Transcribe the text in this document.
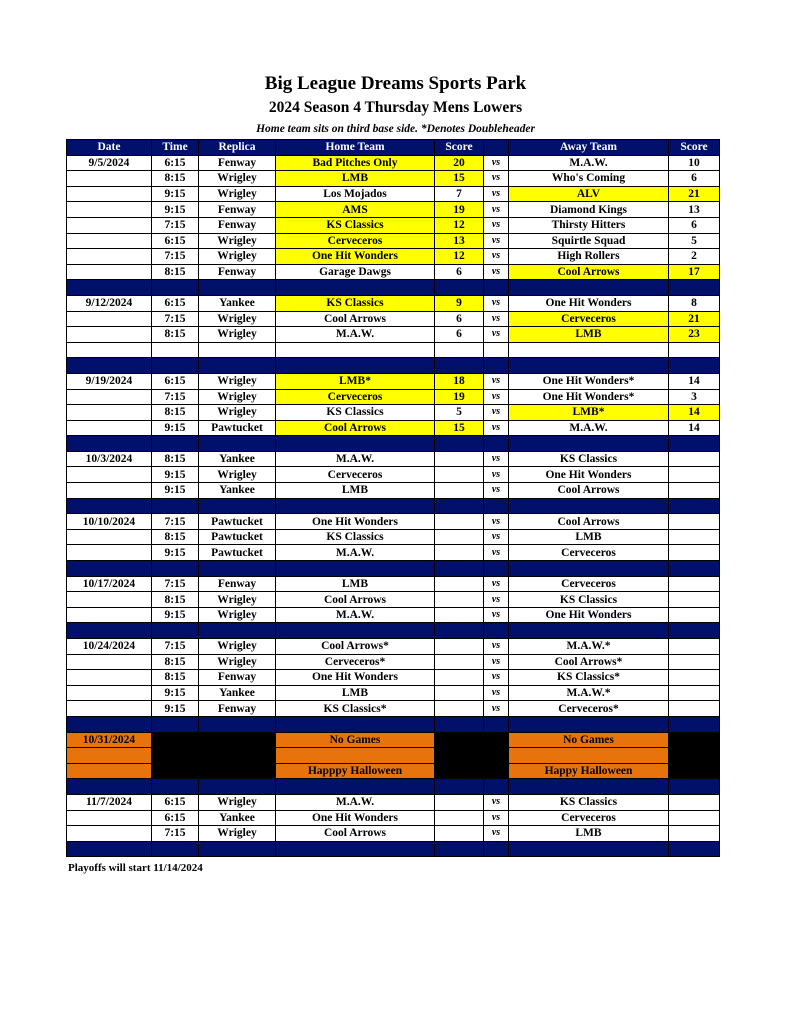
Big League Dreams Sports Park
2024 Season 4 Thursday Mens Lowers
Home team sits on third base side. *Denotes Doubleheader
Date	Time	Replica	Home Team	Score		Away Team	Score
9/5/2024	6:15	Fenway	Bad Pitches Only	20	vs	M.A.W.	10
	8:15	Wrigley	LMB	15	vs	Who's Coming	6
	9:15	Wrigley	Los Mojados	7	vs	ALV	21
	9:15	Fenway	AMS	19	vs	Diamond Kings	13
	7:15	Fenway	KS Classics	12	vs	Thirsty Hitters	6
	6:15	Wrigley	Cerveceros	13	vs	Squirtle Squad	5
	7:15	Wrigley	One Hit Wonders	12	vs	High Rollers	2
	8:15	Fenway	Garage Dawgs	6	vs	Cool Arrows	17

9/12/2024	6:15	Yankee	KS Classics	9	vs	One Hit Wonders	8
	7:15	Wrigley	Cool Arrows	6	vs	Cerveceros	21
	8:15	Wrigley	M.A.W.	6	vs	LMB	23

9/19/2024	6:15	Wrigley	LMB*	18	vs	One Hit Wonders*	14
	7:15	Wrigley	Cerveceros	19	vs	One Hit Wonders*	3
	8:15	Wrigley	KS Classics	5	vs	LMB*	14
	9:15	Pawtucket	Cool Arrows	15	vs	M.A.W.	14

10/3/2024	8:15	Yankee	M.A.W.		vs	KS Classics	
	9:15	Wrigley	Cerveceros		vs	One Hit Wonders	
	9:15	Yankee	LMB		vs	Cool Arrows	

10/10/2024	7:15	Pawtucket	One Hit Wonders		vs	Cool Arrows	
	8:15	Pawtucket	KS Classics		vs	LMB	
	9:15	Pawtucket	M.A.W.		vs	Cerveceros	

10/17/2024	7:15	Fenway	LMB		vs	Cerveceros	
	8:15	Wrigley	Cool Arrows		vs	KS Classics	
	9:15	Wrigley	M.A.W.		vs	One Hit Wonders	

10/24/2024	7:15	Wrigley	Cool Arrows*		vs	M.A.W.*	
	8:15	Wrigley	Cerveceros*		vs	Cool Arrows*	
	8:15	Fenway	One Hit Wonders		vs	KS Classics*	
	9:15	Yankee	LMB		vs	M.A.W.*	
	9:15	Fenway	KS Classics*		vs	Cerveceros*	

10/31/2024			No Games			No Games	

			Happpy Halloween			Happy Halloween	

11/7/2024	6:15	Wrigley	M.A.W.		vs	KS Classics	
	6:15	Yankee	One Hit Wonders		vs	Cerveceros	
	7:15	Wrigley	Cool Arrows		vs	LMB	

Playoffs will start 11/14/2024
